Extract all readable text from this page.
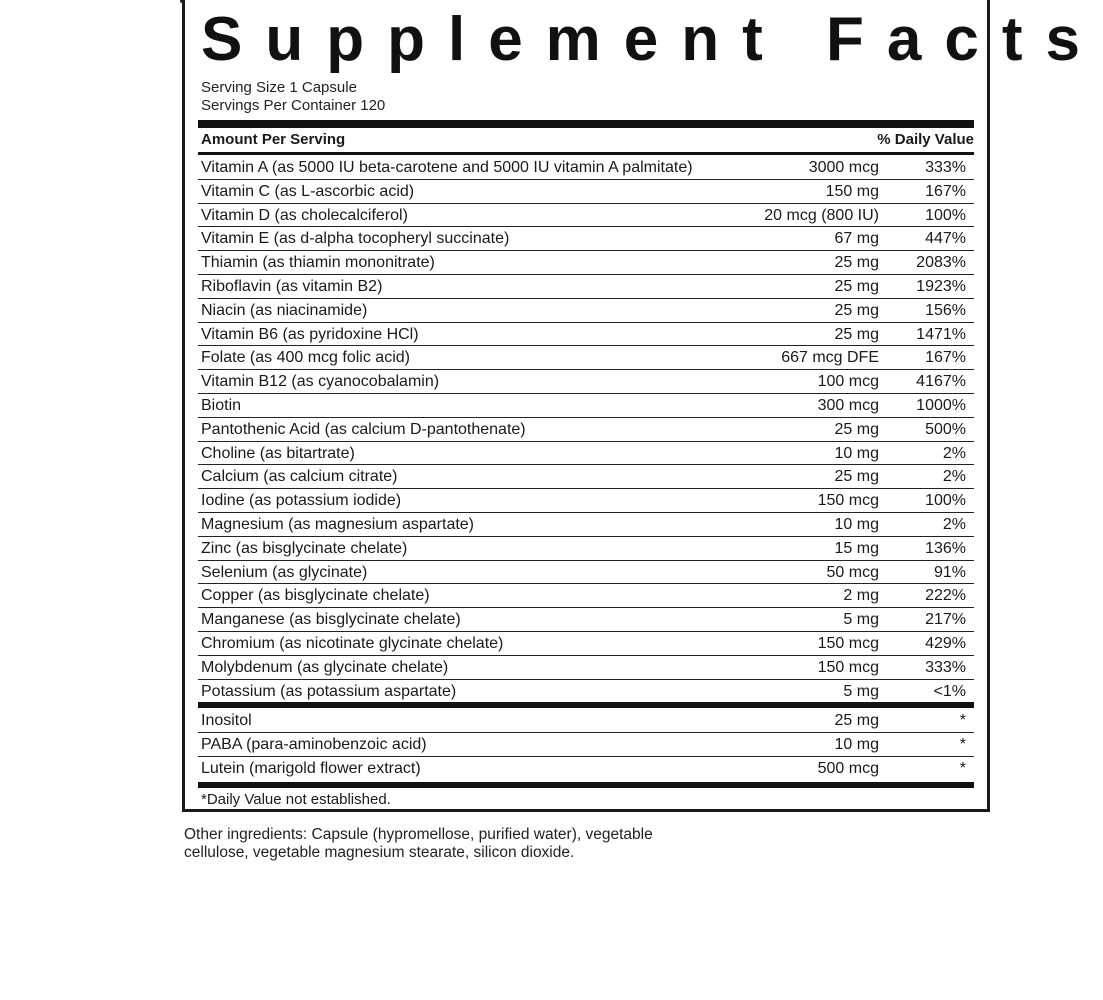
Supplement Facts
Serving Size 1 Capsule
Servings Per Container 120
Amount Per Serving	% Daily Value
Vitamin A (as 5000 IU beta-carotene and 5000 IU vitamin A palmitate)	3000 mcg	333%
Vitamin C (as L-ascorbic acid)	150 mg	167%
Vitamin D (as cholecalciferol)	20 mcg (800 IU)	100%
Vitamin E (as d-alpha tocopheryl succinate)	67 mg	447%
Thiamin (as thiamin mononitrate)	25 mg 2083%
Riboflavin (as vitamin B2)	25 mg 1923%
Niacin (as niacinamide)	25 mg	156%
Vitamin B6 (as pyridoxine HCl)	25 mg 1471%
Folate (as 400 mcg folic acid)	667 mcg DFE	167%
Vitamin B12 (as cyanocobalamin)	100 mcg 4167%
Biotin	300 mcg 1000%
Pantothenic Acid (as calcium D-pantothenate)	25 mg	500%
Choline (as bitartrate)	10 mg	2%
Calcium (as calcium citrate)	25 mg	2%
Iodine (as potassium iodide)	150 mcg	100%
Magnesium (as magnesium aspartate)	10 mg	2%
Zinc (as bisglycinate chelate)	15 mg	136%
Selenium (as glycinate)	50 mcg	91%
Copper (as bisglycinate chelate)	2 mg	222%
Manganese (as bisglycinate chelate)	5 mg	217%
Chromium (as nicotinate glycinate chelate)	150 mcg	429%
Molybdenum (as glycinate chelate)	150 mcg	333%
Potassium (as potassium aspartate)	5 mg	<1%
Inositol	25 mg	*
PABA (para-aminobenzoic acid)	10 mg	*
Lutein (marigold flower extract)	500 mcg	*
*Daily Value not established.
Other ingredients: Capsule (hypromellose, purified water), vegetable
cellulose, vegetable magnesium stearate, silicon dioxide.
